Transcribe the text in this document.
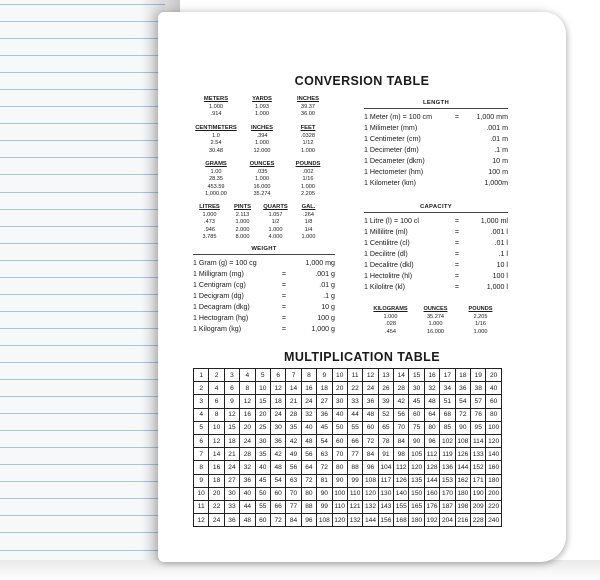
CONVERSION TABLE
METERS	YARDS	INCHES
1.000	1.093	39.37
.914	1.000	36.00
CENTIMETERS	INCHES	FEET
1.0	.394	.0328
2.54	1.000	1/12
30.48	12.000	1.000
GRAMS	OUNCES	POUNDS
1.00	.035	.002
28.35	1.000	1/16
453.59	16.000	1.000
1,000.00	35.274	2.205
LITRES	PINTS	QUARTS	GAL.
1.000	2.113	1.057	.264
.473	1.000	1/2	1/8
.946	2.000	1.000	1/4
3.785	8.000	4.000	1.000
WEIGHT
1 Gram (g) = 100 cg	1,000 mg
1 Milligram (mg)	=	.001 g
1 Centigram (cg)	=	.01 g
1 Decigram (dg)	=	.1 g
1 Decagram (dkg)	=	10 g
1 Hectogram (hg)	=	100 g
1 Kilogram (kg)	=	1,000 g
LENGTH
1 Meter (m) = 100 cm	=	1,000 mm
1 Milimeter (mm)	.001 m
1 Centimeter (cm)	.01 m
1 Decimeter (dm)	.1 m
1 Decameter (dkm)	10 m
1 Hectometer (hm)	100 m
1 Kilometer (km)	1,000m
CAPACITY
1 Litre (l) = 100 cl	=	1,000 ml
1 Millilitre (ml)	=	.001 l
1 Centilitre (cl)	=	.01 l
1 Decilitre (dl)	=	.1 l
1 Decalitre (dkl)	=	10 l
1 Hectolitre (hl)	=	100 l
1 Kilolitre (kl)	=	1,000 l
KILOGRAMS	OUNCES	POUNDS
1.000	35.274	2.205
.028	1.000	1/16
.454	16.000	1.000
MULTIPLICATION TABLE
1	2	3	4	5	6	7	8	9	10	11	12	13	14	15	16	17	18	19	20
2	4	6	8	10	12	14	16	18	20	22	24	26	28	30	32	34	36	38	40
3	6	9	12	15	18	21	24	27	30	33	36	39	42	45	48	51	54	57	60
4	8	12	16	20	24	28	32	36	40	44	48	52	56	60	64	68	72	76	80
5	10	15	20	25	30	35	40	45	50	55	60	65	70	75	80	85	90	95	100
6	12	18	24	30	36	42	48	54	60	66	72	78	84	90	96	102	108	114	120
7	14	21	28	35	42	49	56	63	70	77	84	91	98	105	112	119	126	133	140
8	16	24	32	40	48	56	64	72	80	88	96	104	112	120	128	136	144	152	160
9	18	27	36	45	54	63	72	81	90	99	108	117	126	135	144	153	162	171	180
10	20	30	40	50	60	70	80	90	100	110	120	130	140	150	160	170	180	190	200
11	22	33	44	55	66	77	88	99	110	121	132	143	155	165	176	187	198	209	220
12	24	36	48	60	72	84	96	108	120	132	144	156	168	180	192	204	216	228	240
